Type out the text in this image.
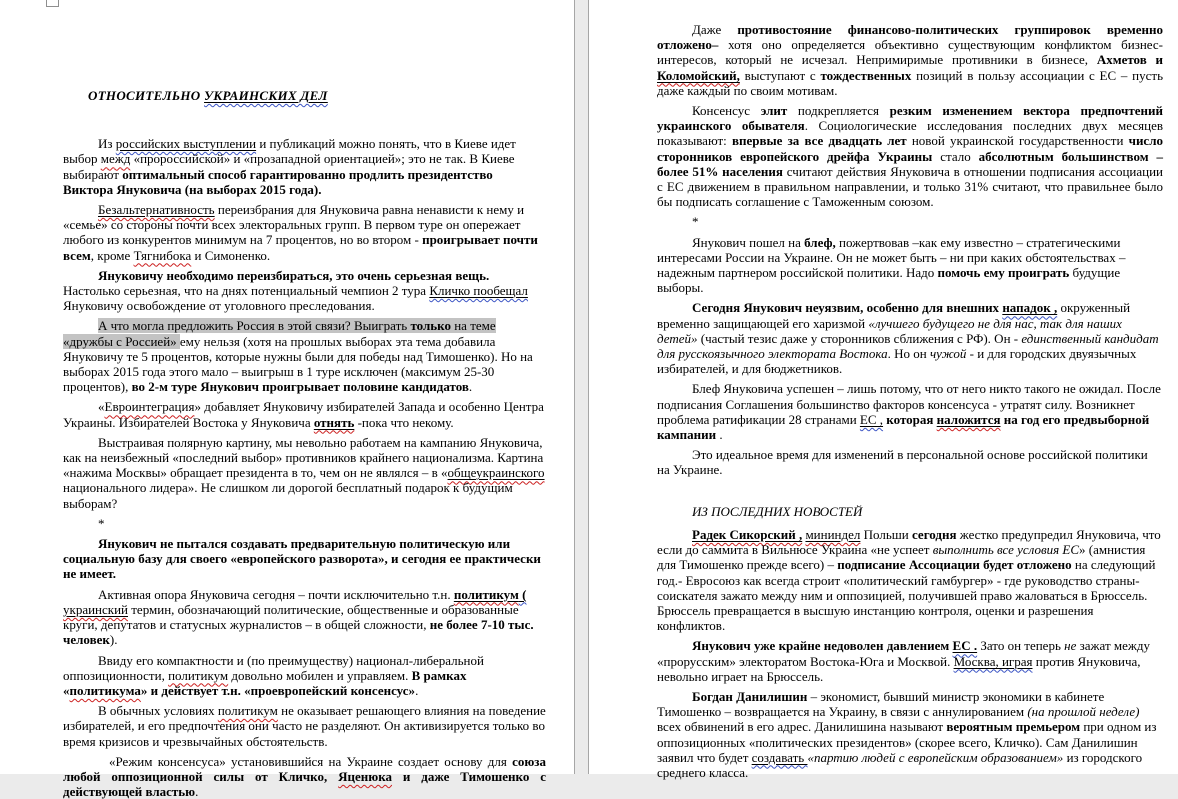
ОТНОСИТЕЛЬНО УКРАИНСКИХ ДЕЛ

Из российских выступлении и публикаций можно понять, что в Киеве идет выбор межд «пророссийской» и «прозападной ориентацией»; это не так. В Киеве выбирают оптимальный способ гарантированно продлить президентство Виктора Януковича (на выборах 2015 года).

Безальтернативность переизбрания для Януковича равна ненависти к нему и «семье» со стороны почти всех электоральных групп. В первом туре он опережает любого из конкурентов минимум на 7 процентов, но во втором - проигрывает почти всем, кроме Тягнибока и Симоненко.

Януковичу необходимо переизбираться, это очень серьезная вещь. Настолько серьезная, что на днях потенциальный чемпион 2 тура Кличко пообещал Януковичу освобождение от уголовного преследования.

А что могла предложить Россия в этой связи? Выиграть только на теме «дружбы с Россией» ему нельзя (хотя на прошлых выборах эта тема добавила Януковичу те 5 процентов, которые нужны были для победы над Тимошенко). Но на выборах 2015 года этого мало – выигрыш в 1 туре исключен (максимум 25-30 процентов), во 2-м туре Янукович проигрывает половине кандидатов.

«Евроинтеграция» добавляет Януковичу избирателей Запада и особенно Центра Украины. Избирателей Востока у Януковича отнять -пока что некому.

Выстраивая полярную картину, мы невольно работаем на кампанию Януковича, как на неизбежный «последний выбор» противников крайнего национализма. Картина «нажима Москвы» обращает президента в то, чем он не являлся – в «общеукраинского национального лидера». Не слишком ли дорогой бесплатный подарок к будущим выборам?

*

Янукович не пытался создавать предварительную политическую или социальную базу для своего «европейского разворота», и сегодня ее практически не имеет.

Активная опора Януковича сегодня – почти исключительно т.н. политикум ( украинский термин, обозначающий политические, общественные и образованные круги, депутатов и статусных журналистов – в общей сложности, не более 7-10 тыс. человек).

Ввиду его компактности и (по преимуществу) национал-либеральной оппозиционности, политикум довольно мобилен и управляем. В рамках «политикума» и действует т.н. «проевропейский консенсус».

В обычных условиях политикум не оказывает решающего влияния на поведение избирателей, и его предпочтения они часто не разделяют. Он активизируется только во время кризисов и чрезвычайных обстоятельств.

«Режим консенсуса» установившийся на Украине создает основу для союза любой оппозиционной силы от Кличко, Яценюка и даже Тимошенко с действующей властью.

Даже противостояние финансово-политических группировок временно отложено– хотя оно определяется объективно существующим конфликтом бизнес-интересов, который не исчезал. Непримиримые противники в бизнесе, Ахметов и Коломойский, выступают с тождественных позиций в пользу ассоциации с ЕС – пусть даже каждый по своим мотивам.

Консенсус элит подкрепляется резким изменением вектора предпочтений украинского обывателя. Социологические исследования последних двух месяцев показывают: впервые за все двадцать лет новой украинской государственности число сторонников европейского дрейфа Украины стало абсолютным большинством – более 51% населения считают действия Януковича в отношении подписания ассоциации с ЕС движением в правильном направлении, и только 31% считают, что правильнее было бы подписать соглашение с Таможенным союзом.

*

Янукович пошел на блеф, пожертвовав –как ему известно – стратегическими интересами России на Украине. Он не может быть – ни при каких обстоятельствах – надежным партнером российской политики. Надо помочь ему проиграть будущие выборы.

Сегодня Янукович неуязвим, особенно для внешних нападок , окруженный временно защищающей его харизмой «лучшего будущего не для нас, так для наших детей» (частый тезис даже у сторонников сближения с РФ). Он - единственный кандидат для русскоязычного электората Востока. Но он чужой - и для городских двуязычных избирателей, и для бюджетников.

Блеф Януковича успешен – лишь потому, что от него никто такого не ожидал. После подписания Соглашения большинство факторов консенсуса - утратят силу. Возникнет проблема ратификации 28 странами ЕС , которая наложится на год его предвыборной кампании .

Это идеальное время для изменений в персональной основе российской политики на Украине.

ИЗ ПОСЛЕДНИХ НОВОСТЕЙ

Радек Сикорский , мининдел Польши сегодня жестко предупредил Януковича, что если до саммита в Вильнюсе Украина «не успеет выполнить все условия ЕС» (амнистия для Тимошенко прежде всего) – подписание Ассоциации будет отложено на следующий год.- Евросоюз как всегда строит «политический гамбургер» - где руководство страны-соискателя зажато между ним и оппозицией, получившей право жаловаться в Брюссель. Брюссель превращается в высшую инстанцию контроля, оценки и разрешения конфликтов.

Янукович уже крайне недоволен давлением ЕС . Зато он теперь не зажат между «прорусским» электоратом Востока-Юга и Москвой. Москва, играя против Януковича, невольно играет на Брюссель.

Богдан Данилишин – экономист, бывший министр экономики в кабинете Тимошенко – возвращается на Украину, в связи с аннулированием (на прошлой неделе) всех обвинений в его адрес. Данилишина называют вероятным премьером при одном из оппозиционных «политических президентов» (скорее всего, Кличко). Сам Данилишин заявил что будет создавать «партию людей с европейским образованием» из городского среднего класса.
